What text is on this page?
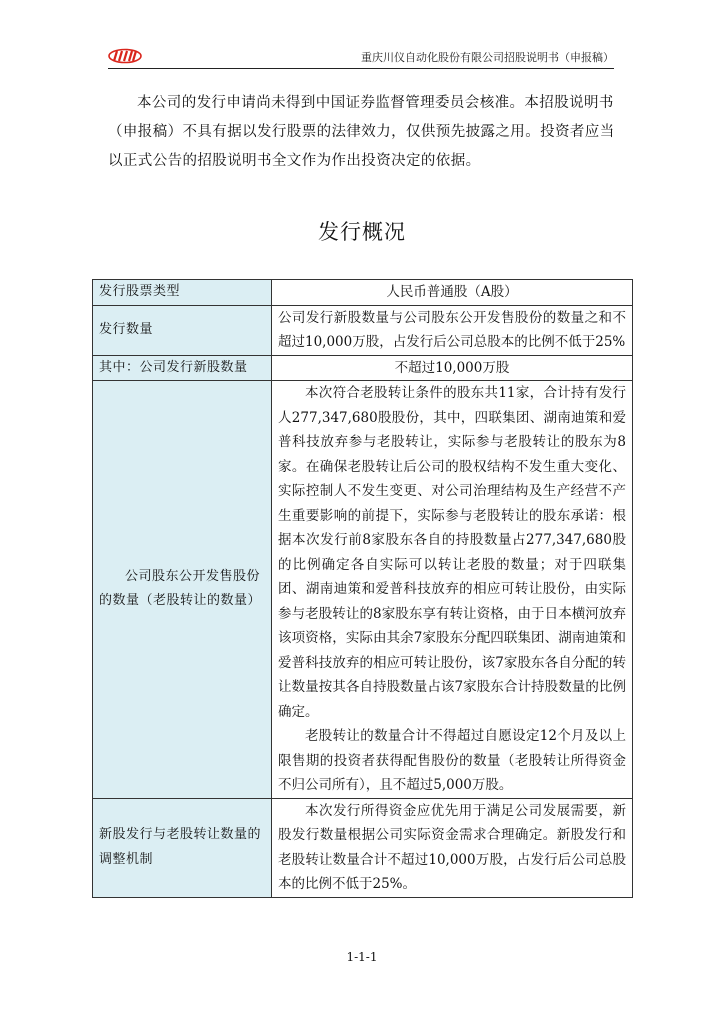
重庆川仪自动化股份有限公司招股说明书（申报稿）
本公司的发行申请尚未得到中国证券监督管理委员会核准。本招股说明书（申报稿）不具有据以发行股票的法律效力，仅供预先披露之用。投资者应当以正式公告的招股说明书全文作为作出投资决定的依据。
发行概况
发行股票类型	人民币普通股（A股）
发行数量	公司发行新股数量与公司股东公开发售股份的数量之和不超过10,000万股，占发行后公司总股本的比例不低于25%
其中：公司发行新股数量	不超过10,000万股
公司股东公开发售股份的数量（老股转让的数量）	本次符合老股转让条件的股东共11家，合计持有发行人277,347,680股股份，其中，四联集团、湖南迪策和爱普科技放弃参与老股转让，实际参与老股转让的股东为8家。在确保老股转让后公司的股权结构不发生重大变化、实际控制人不发生变更、对公司治理结构及生产经营不产生重要影响的前提下，实际参与老股转让的股东承诺：根据本次发行前8家股东各自的持股数量占277,347,680股的比例确定各自实际可以转让老股的数量；对于四联集团、湖南迪策和爱普科技放弃的相应可转让股份，由实际参与老股转让的8家股东享有转让资格，由于日本横河放弃该项资格，实际由其余7家股东分配四联集团、湖南迪策和爱普科技放弃的相应可转让股份，该7家股东各自分配的转让数量按其各自持股数量占该7家股东合计持股数量的比例确定。
老股转让的数量合计不得超过自愿设定12个月及以上限售期的投资者获得配售股份的数量（老股转让所得资金不归公司所有），且不超过5,000万股。

新股发行与老股转让数量的调整机制	本次发行所得资金应优先用于满足公司发展需要，新股发行数量根据公司实际资金需求合理确定。新股发行和老股转让数量合计不超过10,000万股，占发行后公司总股本的比例不低于25%。
1-1-1
